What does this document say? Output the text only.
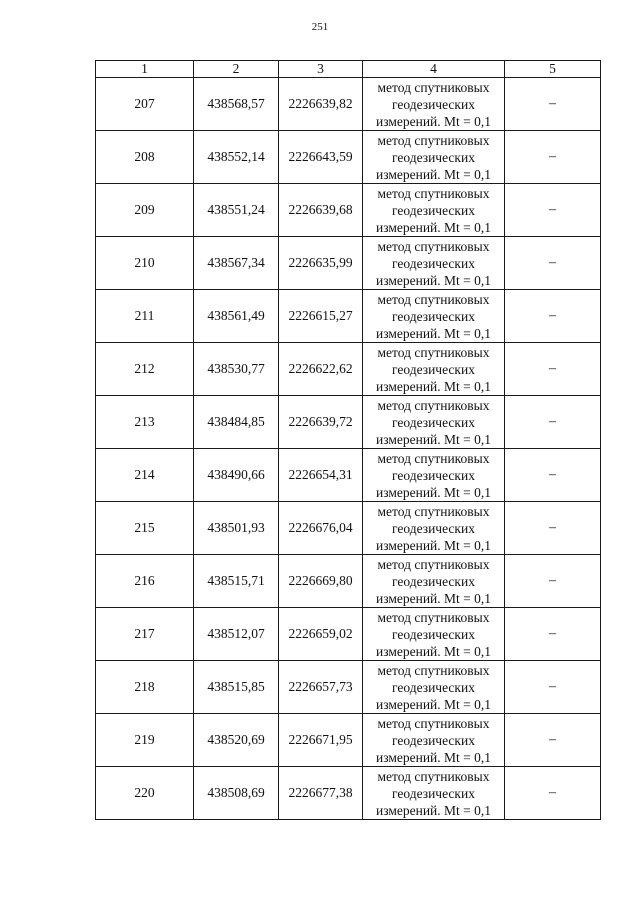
251
1	2	3	4	5
207	438568,57	2226639,82	метод спутниковых
геодезических
измерений. Mt = 0,1	–
208	438552,14	2226643,59	метод спутниковых
геодезических
измерений. Mt = 0,1	–
209	438551,24	2226639,68	метод спутниковых
геодезических
измерений. Mt = 0,1	–
210	438567,34	2226635,99	метод спутниковых
геодезических
измерений. Mt = 0,1	–
211	438561,49	2226615,27	метод спутниковых
геодезических
измерений. Mt = 0,1	–
212	438530,77	2226622,62	метод спутниковых
геодезических
измерений. Mt = 0,1	–
213	438484,85	2226639,72	метод спутниковых
геодезических
измерений. Mt = 0,1	–
214	438490,66	2226654,31	метод спутниковых
геодезических
измерений. Mt = 0,1	–
215	438501,93	2226676,04	метод спутниковых
геодезических
измерений. Mt = 0,1	–
216	438515,71	2226669,80	метод спутниковых
геодезических
измерений. Mt = 0,1	–
217	438512,07	2226659,02	метод спутниковых
геодезических
измерений. Mt = 0,1	–
218	438515,85	2226657,73	метод спутниковых
геодезических
измерений. Mt = 0,1	–
219	438520,69	2226671,95	метод спутниковых
геодезических
измерений. Mt = 0,1	–
220	438508,69	2226677,38	метод спутниковых
геодезических
измерений. Mt = 0,1	–
